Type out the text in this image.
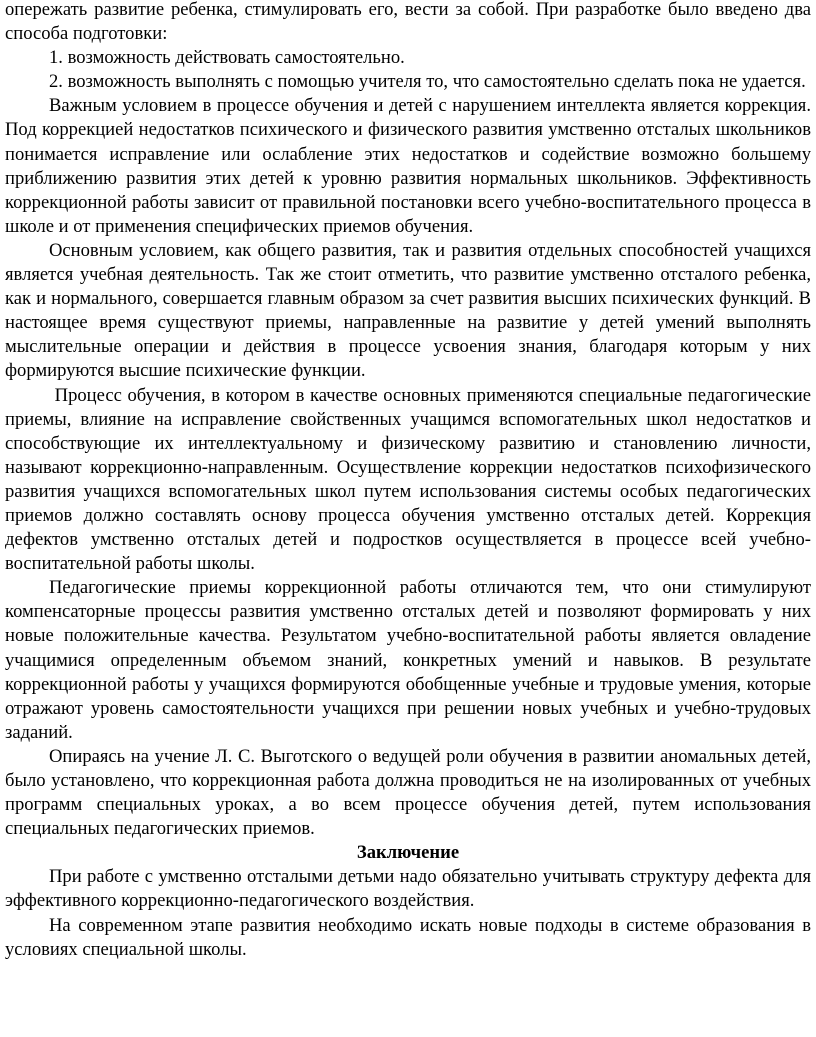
опережать развитие ребенка, стимулировать его, вести за собой. При разработке было введено два способа подготовки:

1. возможность действовать самостоятельно.

2. возможность выполнять с помощью учителя то, что самостоятельно сделать пока не удается.

Важным условием в процессе обучения и детей с нарушением интеллекта является коррекция. Под коррекцией недостатков психического и физического развития умственно отсталых школьников понимается исправление или ослабление этих недостатков и содействие возможно большему приближению развития этих детей к уровню развития нормальных школьников. Эффективность коррекционной работы зависит от правильной постановки всего учебно-воспитательного процесса в школе и от применения специфических приемов обучения.

Основным условием, как общего развития, так и развития отдельных способностей учащихся является учебная деятельность. Так же стоит отметить, что развитие умственно отсталого ребенка, как и нормального, совершается главным образом за счет развития высших психических функций. В настоящее время существуют приемы, направленные на развитие у детей умений выполнять мыслительные операции и действия в процессе усвоения знания, благодаря которым у них формируются высшие психические функции.

Процесс обучения, в котором в качестве основных применяются специальные педагогические приемы, влияние на исправление свойственных учащимся вспомогательных школ недостатков и способствующие их интеллектуальному и физическому развитию и становлению личности, называют коррекционно-направленным. Осуществление коррекции недостатков психофизического развития учащихся вспомогательных школ путем использования системы особых педагогических приемов должно составлять основу процесса обучения умственно отсталых детей. Коррекция дефектов умственно отсталых детей и подростков осуществляется в процессе всей учебно-воспитательной работы школы.

Педагогические приемы коррекционной работы отличаются тем, что они стимулируют компенсаторные процессы развития умственно отсталых детей и позволяют формировать у них новые положительные качества. Результатом учебно-воспитательной работы является овладение учащимися определенным объемом знаний, конкретных умений и навыков. В результате коррекционной работы у учащихся формируются обобщенные учебные и трудовые умения, которые отражают уровень самостоятельности учащихся при решении новых учебных и учебно-трудовых заданий.

Опираясь на учение Л. С. Выготского о ведущей роли обучения в развитии аномальных детей, было установлено, что коррекционная работа должна проводиться не на изолированных от учебных программ специальных уроках, а во всем процессе обучения детей, путем использования специальных педагогических приемов.

Заключение

При работе с умственно отсталыми детьми надо обязательно учитывать структуру дефекта для эффективного коррекционно-педагогического воздействия.

На современном этапе развития необходимо искать новые подходы в системе образования в условиях специальной школы.
